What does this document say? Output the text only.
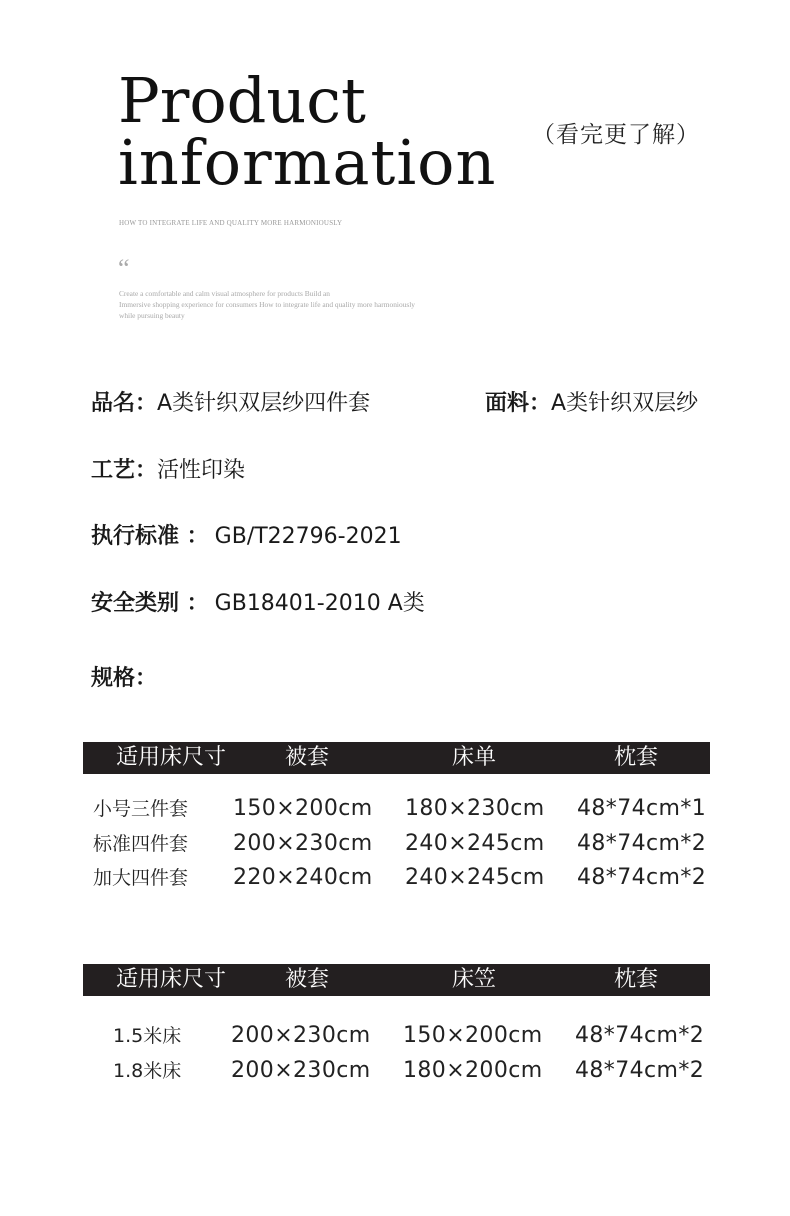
Product
information （看完更了解）
HOW TO INTEGRATE LIFE AND QUALITY MORE HARMONIOUSLY
“
Create a comfortable and calm visual atmosphere for products Build an
Immersive shopping experience for consumers How to integrate life and quality more harmoniously
while pursuing beauty
品名：A类针织双层纱四件套	面料：A类针织双层纱
工艺：活性印染
执行标准 ： GB/T22796-2021
安全类别 ： GB18401-2010 A类
规格：
适用床尺寸	被套	床单	枕套
小号三件套 150×200cm 180×230cm 48*74cm*1
标准四件套 200×230cm 240×245cm 48*74cm*2
加大四件套 220×240cm 240×245cm 48*74cm*2
适用床尺寸	被套	床笠	枕套
1.5米床 200×230cm 150×200cm 48*74cm*2
1.8米床 200×230cm 180×200cm 48*74cm*2
